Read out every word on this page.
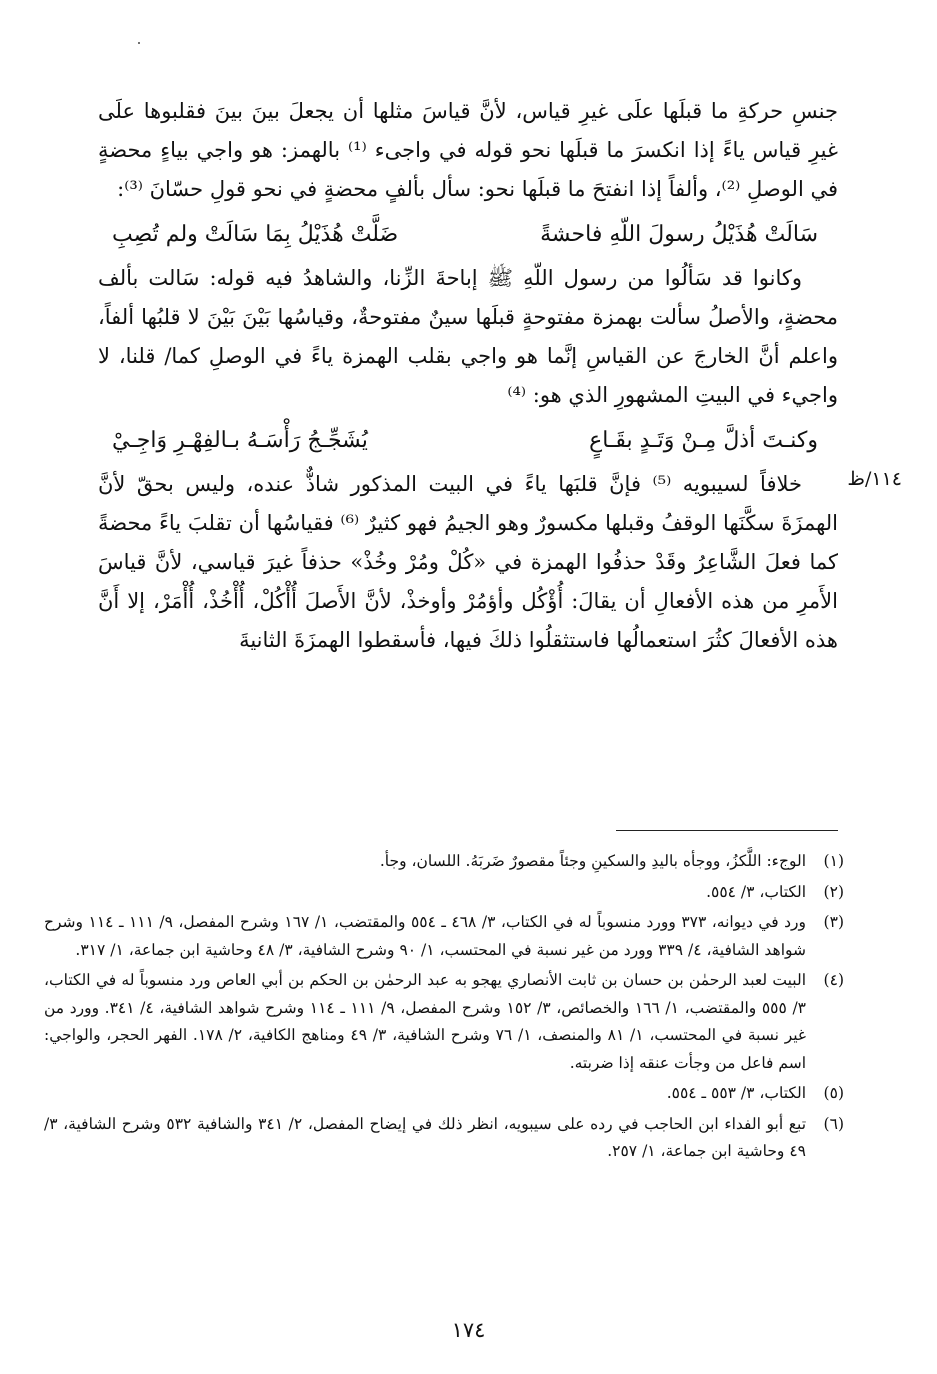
جنسِ حركةِ ما قبلَها علَى غيرِ قياس، لأنَّ قياسَ مثلها أن يجعلَ بينَ بينَ فقلبوها علَى غيرِ قياس ياءً إذا انكسرَ ما قبلَها نحو قوله في واجىء ⁽¹⁾ بالهمز: هو واجي بياءٍ محضةٍ في الوصلِ ⁽²⁾، وألفاً إذا انفتحَ ما قبلَها نحو: سأل بألفٍ محضةٍ في نحو قولِ حسّانَ ⁽³⁾:

سَالَتْ هُذَيْلُ رسولَ اللّهِ فاحشةً
ضَلَّتْ هُذَيْلُ بِمَا سَالَتْ ولم تُصِبِ

وكانوا قد سَألُوا من رسول اللّهِ ﷺ إباحةَ الزِّنا، والشاهدُ فيه قوله: سَالت بألف محضةٍ، والأصلُ سألت بهمزة مفتوحةٍ قبلَها سينٌ مفتوحةٌ، وقياسُها بَيْنَ بَيْنَ لا قلبُها ألفاً، واعلم أنَّ الخارجَ عن القياسِ إنَّما هو واجي بقلب الهمزة ياءً في الوصلِ كما/ قلنا، لا واجيء في البيتِ المشهورِ الذي هو: ⁽⁴⁾

وكنـتَ أذلَّ مِـنْ وَتَـدٍ بقَـاعٍ
يُشَجِّـجُ رَأْسَـهُ بـالفِهْـرِ وَاجِـيْ

خلافاً لسيبويه ⁽⁵⁾ فإنَّ قلبَها ياءً في البيت المذكور شاذٌّ عنده، وليس بحقّ لأنَّ الهمزَةَ سكَّنَها الوقفُ وقبلها مكسورٌ وهو الجيمُ فهو كثيرٌ ⁽⁶⁾ فقياسُها أن تقلبَ ياءً محضةً كما فعلَ الشَّاعِرُ وقَدْ حذفُوا الهمزة في «كُلْ ومُرْ وخُذْ» حذفاً غيرَ قياسي، لأنَّ قياسَ الأَمرِ من هذه الأفعالِ أن يقالَ: أُؤْكُل وأؤمُرْ وأوخذْ، لأنَّ الأَصلَ أُأْكُلْ، أُأْخُذْ، أُأْمَرْ، إلا أَنَّ هذه الأفعالَ كثُرَ استعمالُها فاستثقلُوا ذلكَ فيها، فأسقطوا الهمزَةَ الثانيةَ

١١٤/ظ
(١)
الوجء: اللَّكزُ، ووجأه باليدِ والسكينِ وجئاً مقصورٌ ضَربَهُ. اللسان، وجأ.
(٢)
الكتاب، ٣/ ٥٥٤.
(٣)
ورد في ديوانه، ٣٧٣ وورد منسوباً له في الكتاب، ٣/ ٤٦٨ ـ ٥٥٤ والمقتضب، ١/ ١٦٧ وشرح المفصل، ٩/ ١١١ ـ ١١٤ وشرح شواهد الشافية، ٤/ ٣٣٩ وورد من غير نسبة في المحتسب، ١/ ٩٠ وشرح الشافية، ٣/ ٤٨ وحاشية ابن جماعة، ١/ ٣١٧.
(٤)
البيت لعبد الرحمٰن بن حسان بن ثابت الأنصاري يهجو به عبد الرحمٰن بن الحكم بن أبي العاص ورد منسوباً له في الكتاب، ٣/ ٥٥٥ والمقتضب، ١/ ١٦٦ والخصائص، ٣/ ١٥٢ وشرح المفصل، ٩/ ١١١ ـ ١١٤ وشرح شواهد الشافية، ٤/ ٣٤١. وورد من غير نسبة في المحتسب، ١/ ٨١ والمنصف، ١/ ٧٦ وشرح الشافية، ٣/ ٤٩ ومناهج الكافية، ٢/ ١٧٨. الفهر الحجر، والواجي: اسم فاعل من وجأت عنقه إذا ضربته.
(٥)
الكتاب، ٣/ ٥٥٣ ـ ٥٥٤.
(٦)
تبع أبو الفداء ابن الحاجب في رده على سيبويه، انظر ذلك في إيضاح المفصل، ٢/ ٣٤١ والشافية ٥٣٢ وشرح الشافية، ٣/ ٤٩ وحاشية ابن جماعة، ١/ ٢٥٧.
١٧٤
